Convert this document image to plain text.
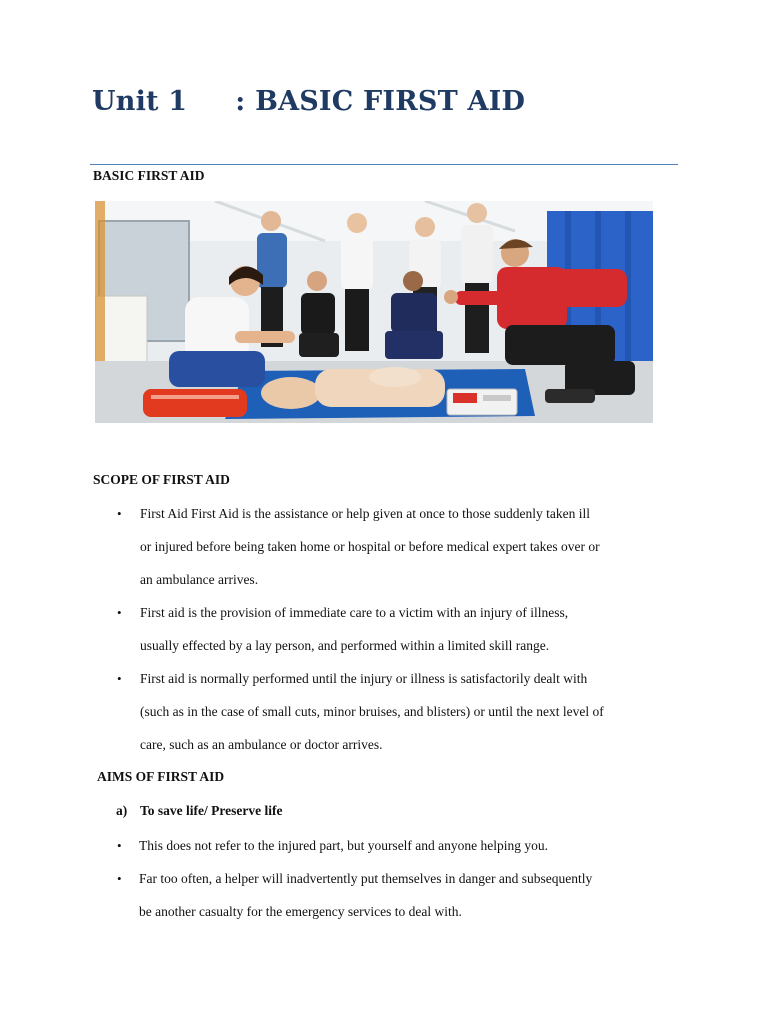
Unit 1 : BASIC FIRST AID
BASIC FIRST AID
SCOPE OF FIRST AID
• First Aid First Aid is the assistance or help given at once to those suddenly taken ill
or injured before being taken home or hospital or before medical expert takes over or
an ambulance arrives.
• First aid is the provision of immediate care to a victim with an injury of illness,
usually effected by a lay person, and performed within a limited skill range.
• First aid is normally performed until the injury or illness is satisfactorily dealt with
(such as in the case of small cuts, minor bruises, and blisters) or until the next level of
care, such as an ambulance or doctor arrives.
AIMS OF FIRST AID
a) To save life/ Preserve life
• This does not refer to the injured part, but yourself and anyone helping you.
• Far too often, a helper will inadvertently put themselves in danger and subsequently
be another casualty for the emergency services to deal with.
